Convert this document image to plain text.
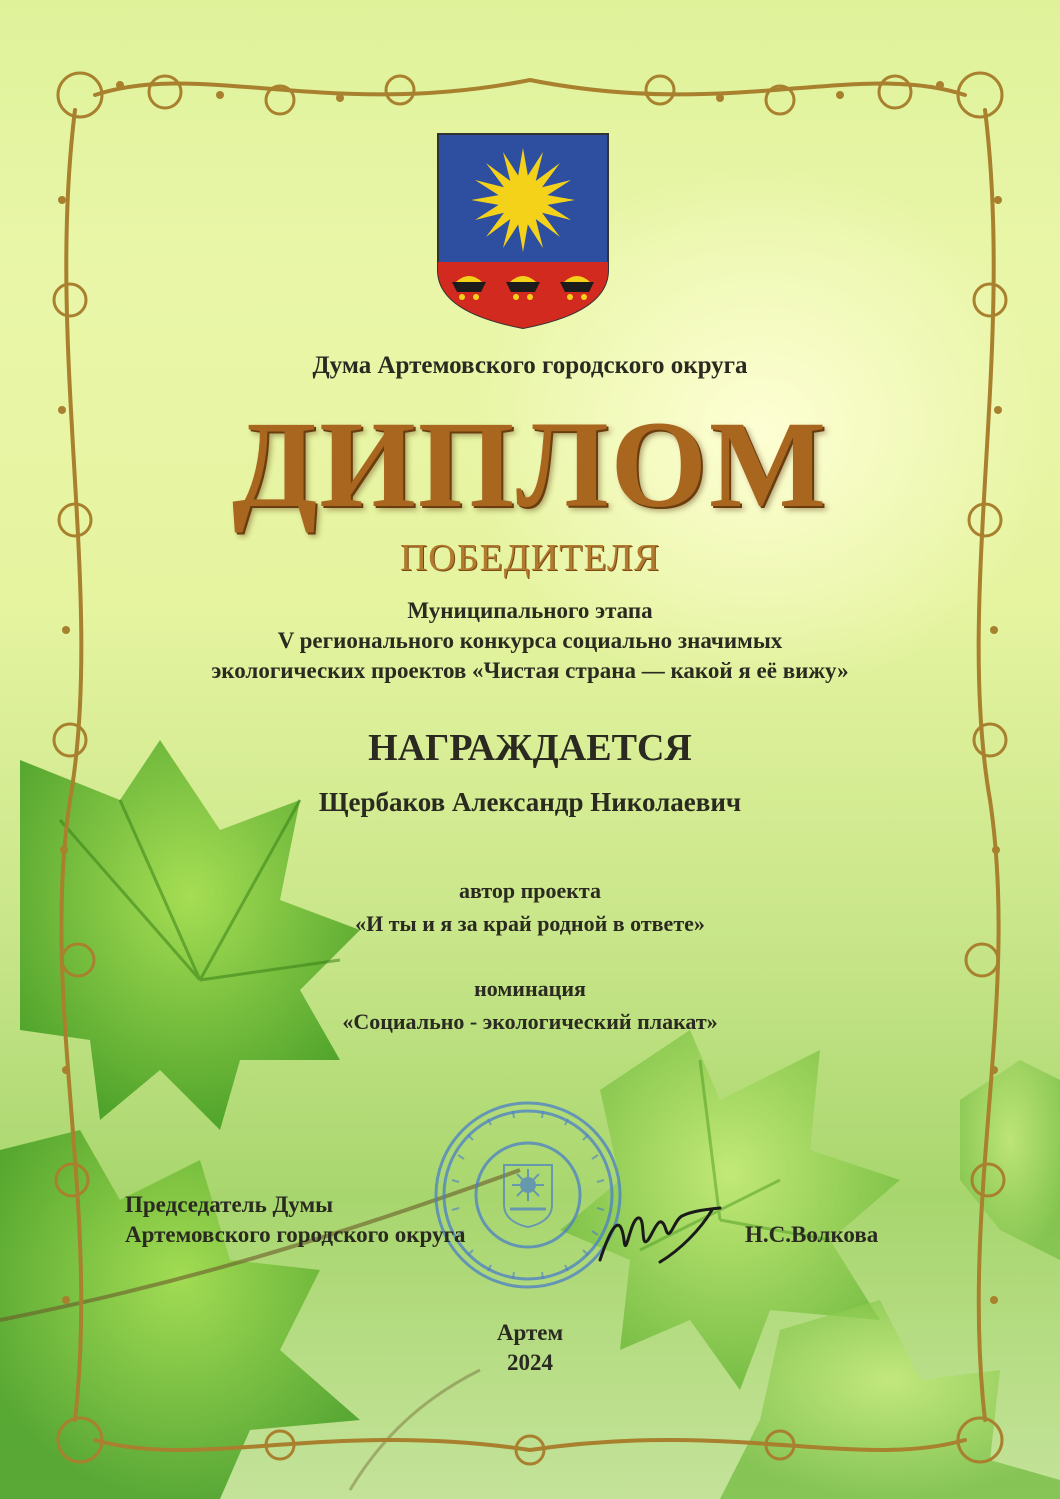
Дума Артемовского городского округа

ДИПЛОМ

ПОБЕДИТЕЛЯ

Муниципального этапа
V регионального конкурса социально значимых
экологических проектов «Чистая страна — какой я её вижу»

НАГРАЖДАЕТСЯ

Щербаков Александр Николаевич

автор проекта
«И ты и я за край родной в ответе»
номинация
«Социально - экологический плакат»
Председатель Думы
Артемовского городского округа	Н.С.Волкова
Артем
2024
